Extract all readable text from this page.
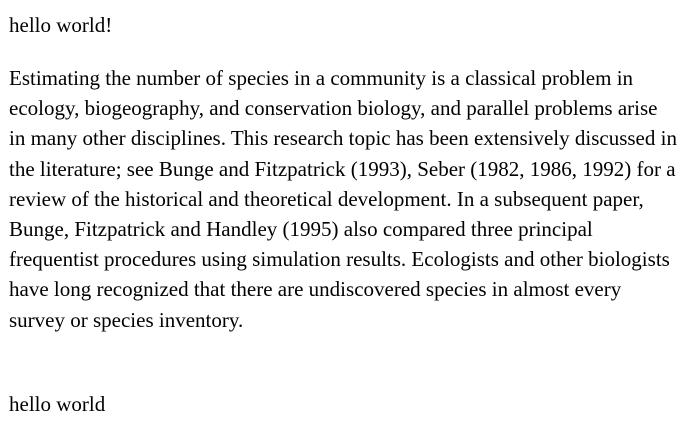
hello world!

Estimating the number of species in a community is a classical problem in ecology, biogeography, and conservation biology, and parallel problems arise in many other disciplines. This research topic has been extensively discussed in the literature; see Bunge and Fitzpatrick (1993), Seber (1982, 1986, 1992) for a review of the historical and theoretical development. In a subsequent paper, Bunge, Fitzpatrick and Handley (1995) also compared three principal frequentist procedures using simulation results. Ecologists and other biologists have long recognized that there are undiscovered species in almost every survey or species inventory.

hello world
